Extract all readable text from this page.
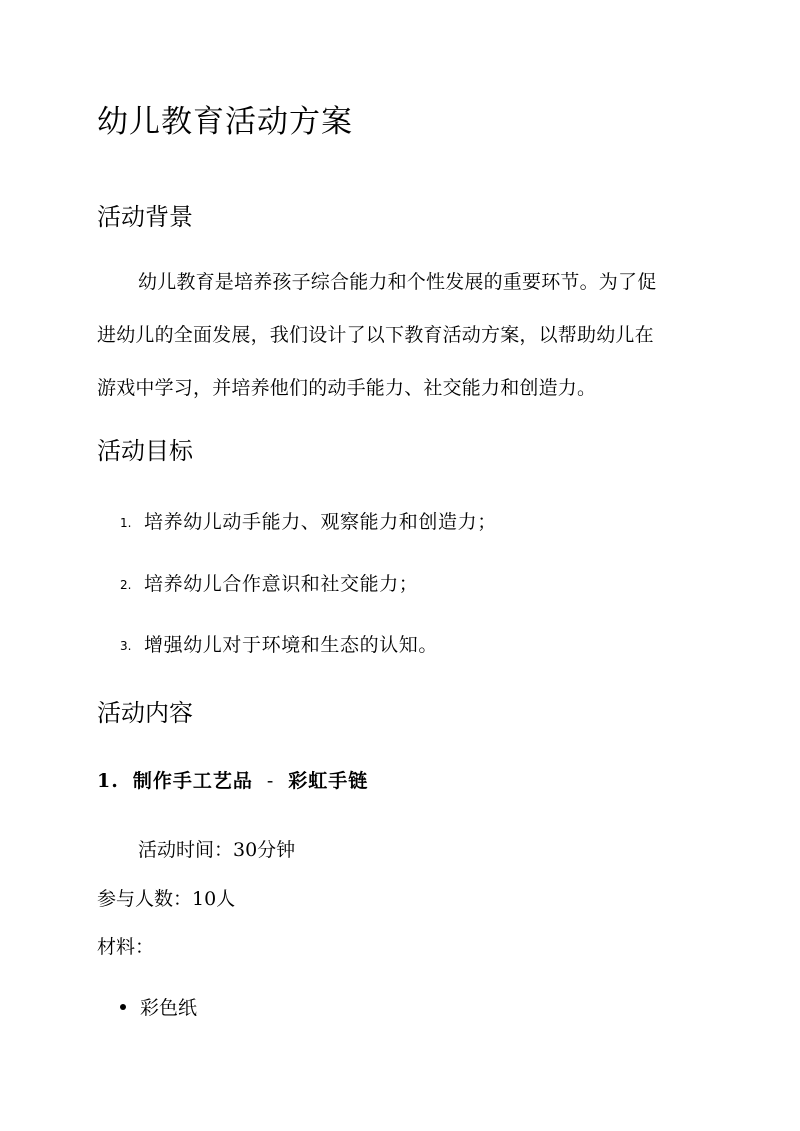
幼儿教育活动方案
活动背景
幼儿教育是培养孩子综合能力和个性发展的重要环节。为了促
进幼儿的全面发展，我们设计了以下教育活动方案，以帮助幼儿在
游戏中学习，并培养他们的动手能力、社交能力和创造力。
活动目标
1. 培养幼儿动手能力、观察能力和创造力；
2. 培养幼儿合作意识和社交能力；
3. 增强幼儿对于环境和生态的认知。
活动内容
1. 制作手工艺品 - 彩虹手链

活动时间：30分钟

参与人数：10人

材料：

彩色纸
